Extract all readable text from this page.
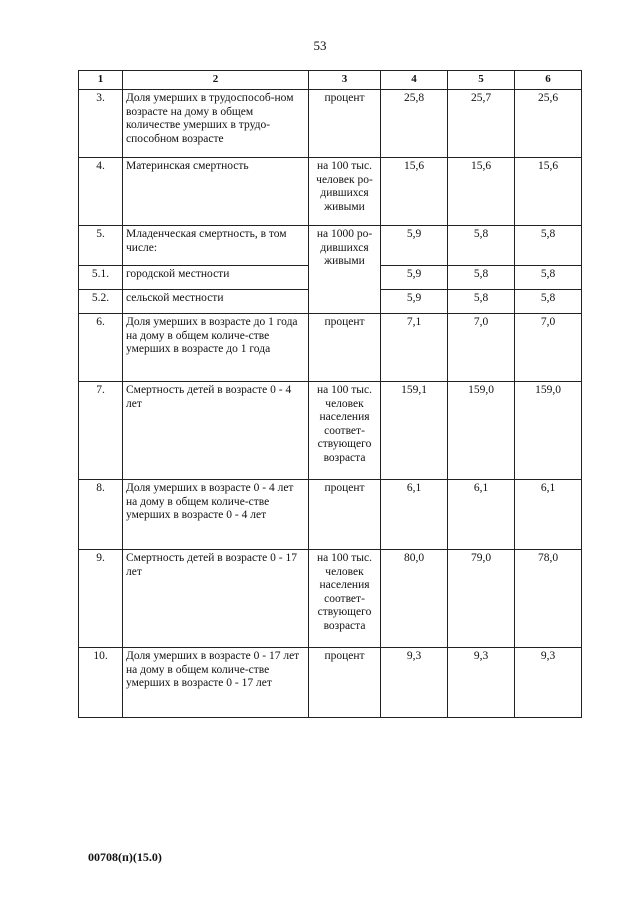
53
1	2	3	4	5	6
3.	Доля умерших в трудоспособ-ном возрасте на дому в общем количестве умерших в трудо-способном возрасте	процент	25,8	25,7	25,6
4.	Материнская смертность	на 100 тыс. человек ро-дившихся живыми	15,6	15,6	15,6
5.	Младенческая смертность, в том числе:	на 1000 ро-дившихся живыми	5,9	5,8	5,8
5.1.	городской местности		5,9	5,8	5,8
5.2.	сельской местности		5,9	5,8	5,8
6.	Доля умерших в возрасте до 1 года на дому в общем количе-стве умерших в возрасте до 1 года	процент	7,1	7,0	7,0
7.	Смертность детей в возрасте 0 - 4 лет	на 100 тыс. человек населения соответ-ствующего возраста	159,1	159,0	159,0
8.	Доля умерших в возрасте 0 - 4 лет на дому в общем количе-стве умерших в возрасте 0 - 4 лет	процент	6,1	6,1	6,1
9.	Смертность детей в возрасте 0 - 17 лет	на 100 тыс. человек населения соответ-ствующего возраста	80,0	79,0	78,0
10.	Доля умерших в возрасте 0 - 17 лет на дому в общем количе-стве умерших в возрасте 0 - 17 лет	процент	9,3	9,3	9,3
00708(п)(15.0)
